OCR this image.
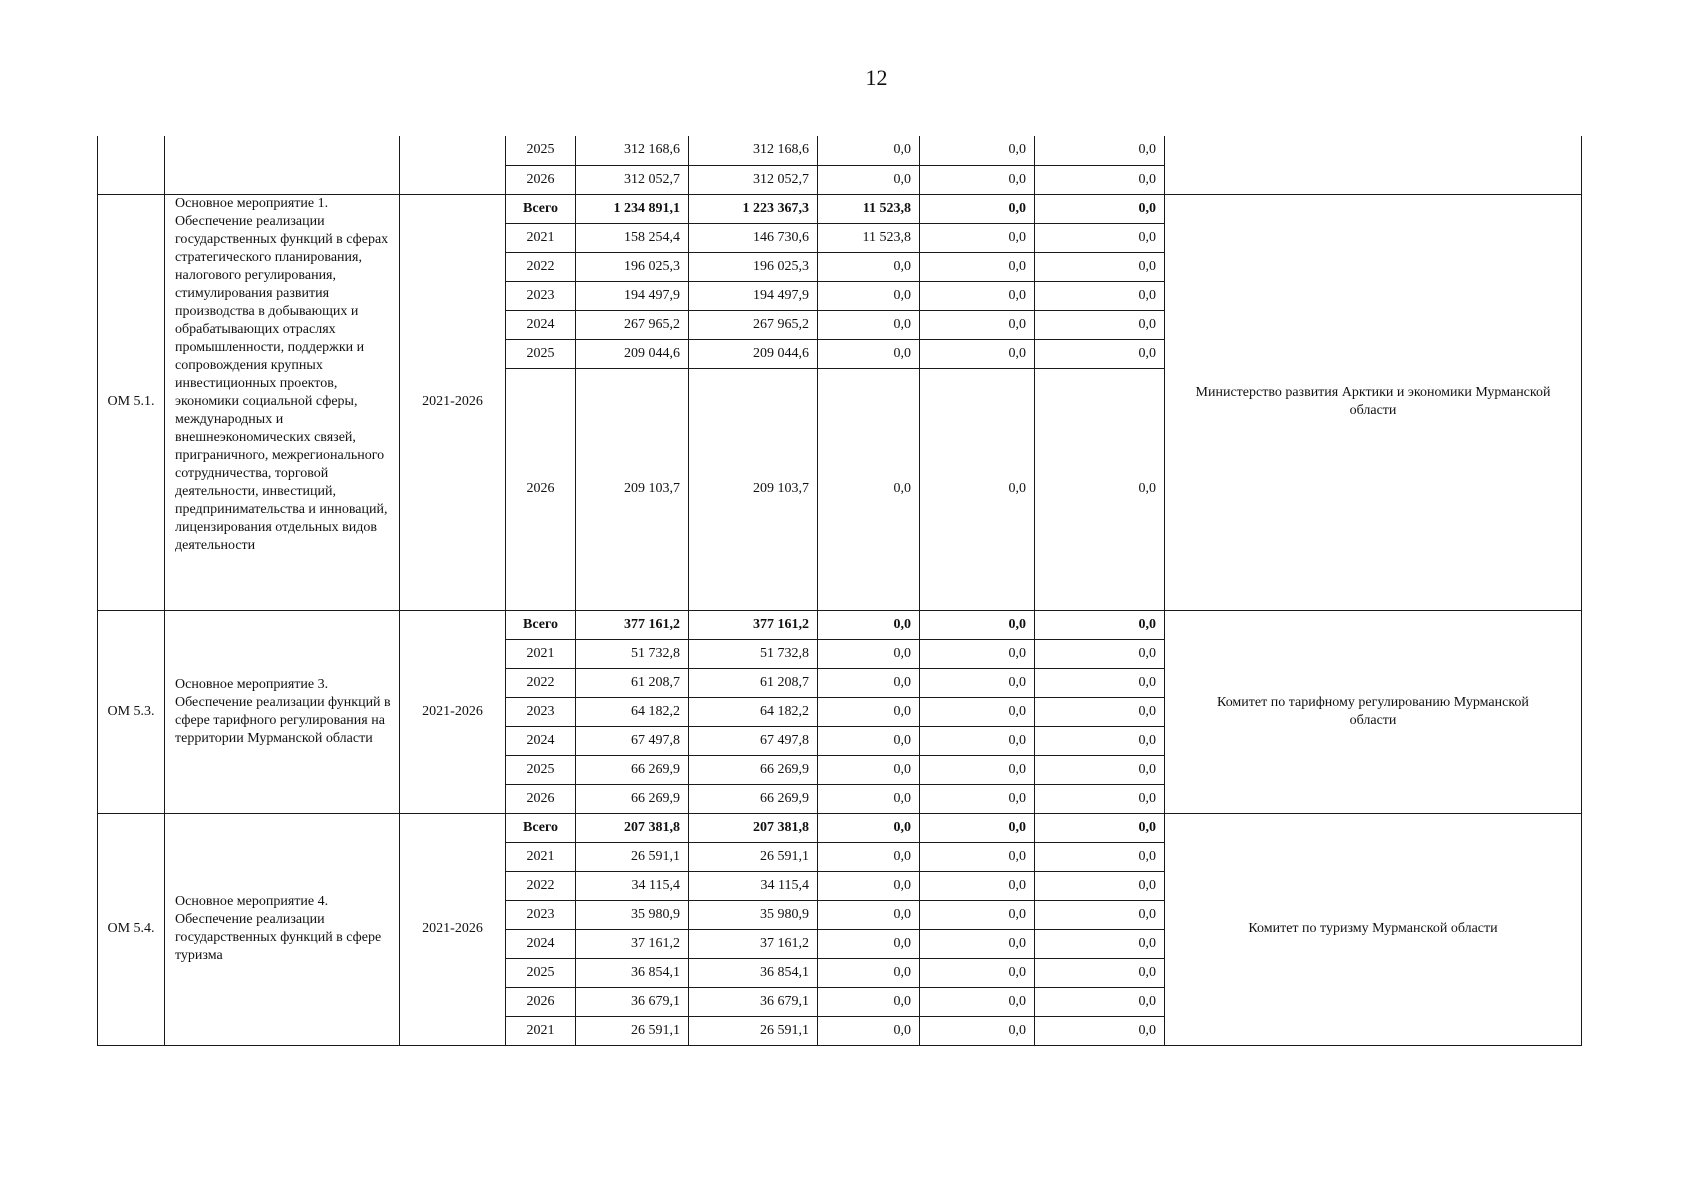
12
			2025	312 168,6	312 168,6	0,0	0,0	0,0	
			2026	312 052,7	312 052,7	0,0	0,0	0,0	
ОМ 5.1.	Основное мероприятие 1. Обеспечение реализации государственных функций в сферах стратегического планирования, налогового регулирования, стимулирования развития производства в добывающих и обрабатывающих отраслях промышленности, поддержки и сопровождения крупных инвестиционных проектов, экономики социальной сферы, международных и внешнеэкономических связей, приграничного, межрегионального сотрудничества, торговой деятельности, инвестиций, предпринимательства и инноваций, лицензирования отдельных видов деятельности	2021-2026	Всего	1 234 891,1	1 223 367,3	11 523,8	0,0	0,0	Министерство развития Арктики и экономики Мурманской области
			2021	158 254,4	146 730,6	11 523,8	0,0	0,0	
			2022	196 025,3	196 025,3	0,0	0,0	0,0	
			2023	194 497,9	194 497,9	0,0	0,0	0,0	
			2024	267 965,2	267 965,2	0,0	0,0	0,0	
			2025	209 044,6	209 044,6	0,0	0,0	0,0	
			2026	209 103,7	209 103,7	0,0	0,0	0,0	
ОМ 5.3.	Основное мероприятие 3. Обеспечение реализации функций в сфере тарифного регулирования на территории Мурманской области	2021-2026	Всего	377 161,2	377 161,2	0,0	0,0	0,0	Комитет по тарифному регулированию Мурманской области
			2021	51 732,8	51 732,8	0,0	0,0	0,0	
			2022	61 208,7	61 208,7	0,0	0,0	0,0	
			2023	64 182,2	64 182,2	0,0	0,0	0,0	
			2024	67 497,8	67 497,8	0,0	0,0	0,0	
			2025	66 269,9	66 269,9	0,0	0,0	0,0	
			2026	66 269,9	66 269,9	0,0	0,0	0,0	
ОМ 5.4.	Основное мероприятие 4. Обеспечение реализации государственных функций в сфере туризма	2021-2026	Всего	207 381,8	207 381,8	0,0	0,0	0,0	Комитет по туризму Мурманской области
			2021	26 591,1	26 591,1	0,0	0,0	0,0	
			2022	34 115,4	34 115,4	0,0	0,0	0,0	
			2023	35 980,9	35 980,9	0,0	0,0	0,0	
			2024	37 161,2	37 161,2	0,0	0,0	0,0	
			2025	36 854,1	36 854,1	0,0	0,0	0,0	
			2026	36 679,1	36 679,1	0,0	0,0	0,0	
			2021	26 591,1	26 591,1	0,0	0,0	0,0	
